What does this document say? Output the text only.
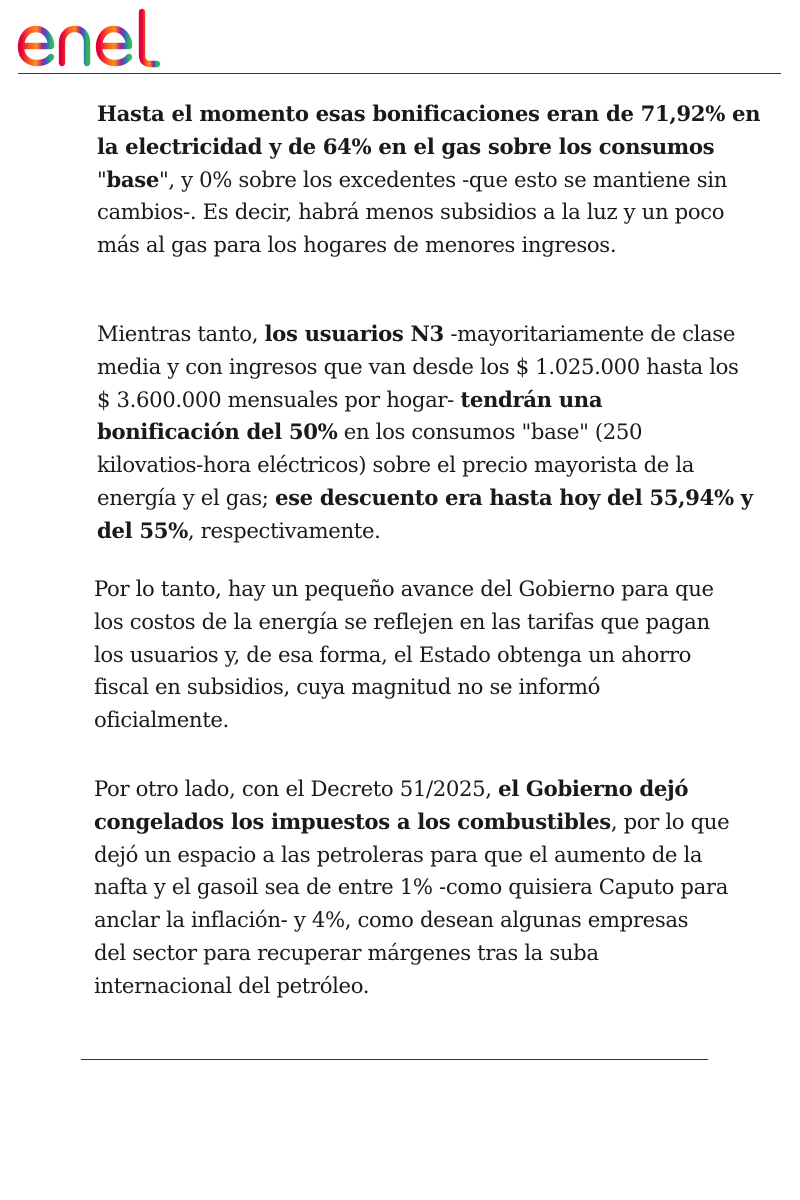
Hasta el momento esas bonificaciones eran de 71,92% en
la electricidad y de 64% en el gas sobre los consumos
"base", y 0% sobre los excedentes -que esto se mantiene sin
cambios-. Es decir, habrá menos subsidios a la luz y un poco
más al gas para los hogares de menores ingresos.
Mientras tanto, los usuarios N3 -mayoritariamente de clase
media y con ingresos que van desde los $ 1.025.000 hasta los
$ 3.600.000 mensuales por hogar- tendrán una
bonificación del 50% en los consumos "base" (250
kilovatios-hora eléctricos) sobre el precio mayorista de la
energía y el gas; ese descuento era hasta hoy del 55,94% y
del 55%, respectivamente.
Por lo tanto, hay un pequeño avance del Gobierno para que
los costos de la energía se reflejen en las tarifas que pagan
los usuarios y, de esa forma, el Estado obtenga un ahorro
fiscal en subsidios, cuya magnitud no se informó
oficialmente.
Por otro lado, con el Decreto 51/2025, el Gobierno dejó
congelados los impuestos a los combustibles, por lo que
dejó un espacio a las petroleras para que el aumento de la
nafta y el gasoil sea de entre 1% -como quisiera Caputo para
anclar la inflación- y 4%, como desean algunas empresas
del sector para recuperar márgenes tras la suba
internacional del petróleo.
